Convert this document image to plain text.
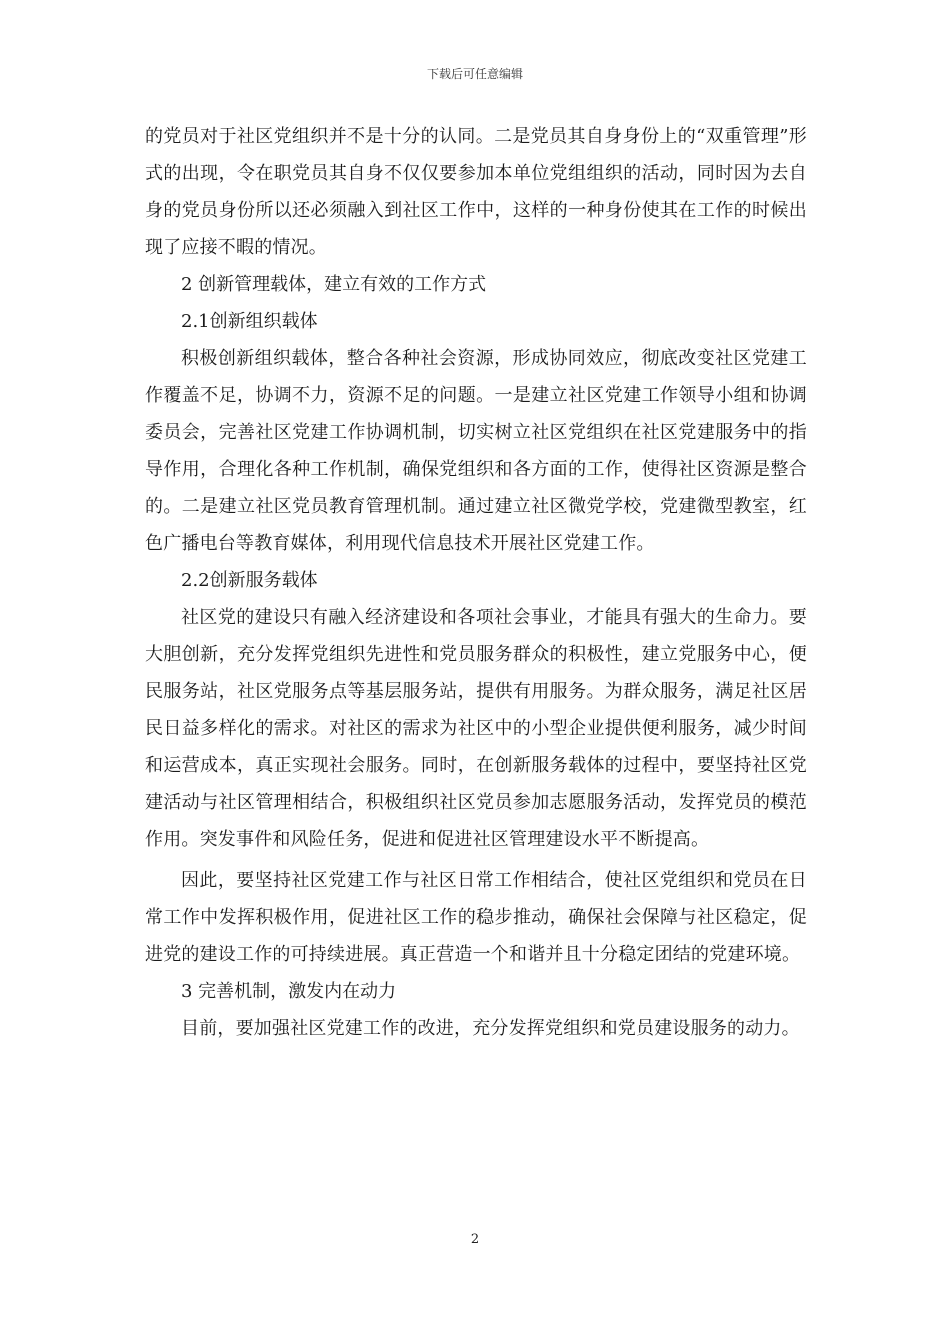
下载后可任意编辑

的党员对于社区党组织并不是十分的认同。二是党员其自身身份上的“双重管理”形式的出现，令在职党员其自身不仅仅要参加本单位党组组织的活动，同时因为去自身的党员身份所以还必须融入到社区工作中，这样的一种身份使其在工作的时候出现了应接不暇的情况。

2 创新管理载体，建立有效的工作方式

2.1创新组织载体

积极创新组织载体，整合各种社会资源，形成协同效应，彻底改变社区党建工作覆盖不足，协调不力，资源不足的问题。一是建立社区党建工作领导小组和协调委员会，完善社区党建工作协调机制，切实树立社区党组织在社区党建服务中的指导作用，合理化各种工作机制，确保党组织和各方面的工作，使得社区资源是整合的。二是建立社区党员教育管理机制。通过建立社区微党学校，党建微型教室，红色广播电台等教育媒体，利用现代信息技术开展社区党建工作。

2.2创新服务载体

社区党的建设只有融入经济建设和各项社会事业，才能具有强大的生命力。要大胆创新，充分发挥党组织先进性和党员服务群众的积极性，建立党服务中心，便民服务站，社区党服务点等基层服务站，提供有用服务。为群众服务，满足社区居民日益多样化的需求。对社区的需求为社区中的小型企业提供便利服务，减少时间和运营成本，真正实现社会服务。同时，在创新服务载体的过程中，要坚持社区党建活动与社区管理相结合，积极组织社区党员参加志愿服务活动，发挥党员的模范作用。突发事件和风险任务，促进和促进社区管理建设水平不断提高。

因此，要坚持社区党建工作与社区日常工作相结合，使社区党组织和党员在日常工作中发挥积极作用，促进社区工作的稳步推动，确保社会保障与社区稳定，促进党的建设工作的可持续进展。真正营造一个和谐并且十分稳定团结的党建环境。

3 完善机制，激发内在动力

目前，要加强社区党建工作的改进，充分发挥党组织和党员建设服务的动力。

2
